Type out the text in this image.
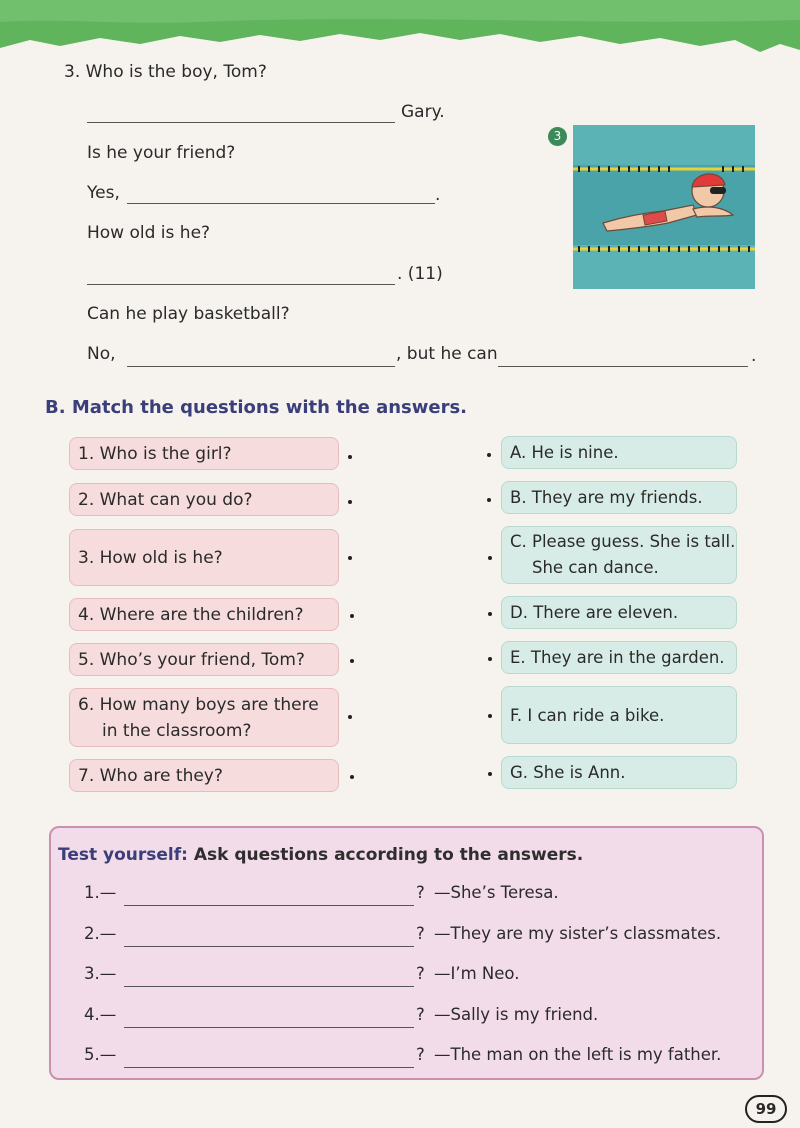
3. Who is the boy, Tom?
Gary.
Is he your friend?
Yes,	.
How old is he?
. (11)
Can he play basketball?
No,	, but he can	.
3
B. Match the questions with the answers.
1. Who is the girl?
2. What can you do?
3. How old is he?
4. Where are the children?
5. Who’s your friend, Tom?
6. How many boys are there
in the classroom?
7. Who are they?
A. He is nine.
B. They are my friends.
C. Please guess. She is tall.
She can dance.
D. There are eleven.
E. They are in the garden.
F. I can ride a bike.
G. She is Ann.
Test yourself: Ask questions according to the answers.
1.—	? —She’s Teresa.
2.—	? —They are my sister’s classmates.
3.—	? —I’m Neo.
4.—	? —Sally is my friend.
5.—	? —The man on the left is my father.
99
